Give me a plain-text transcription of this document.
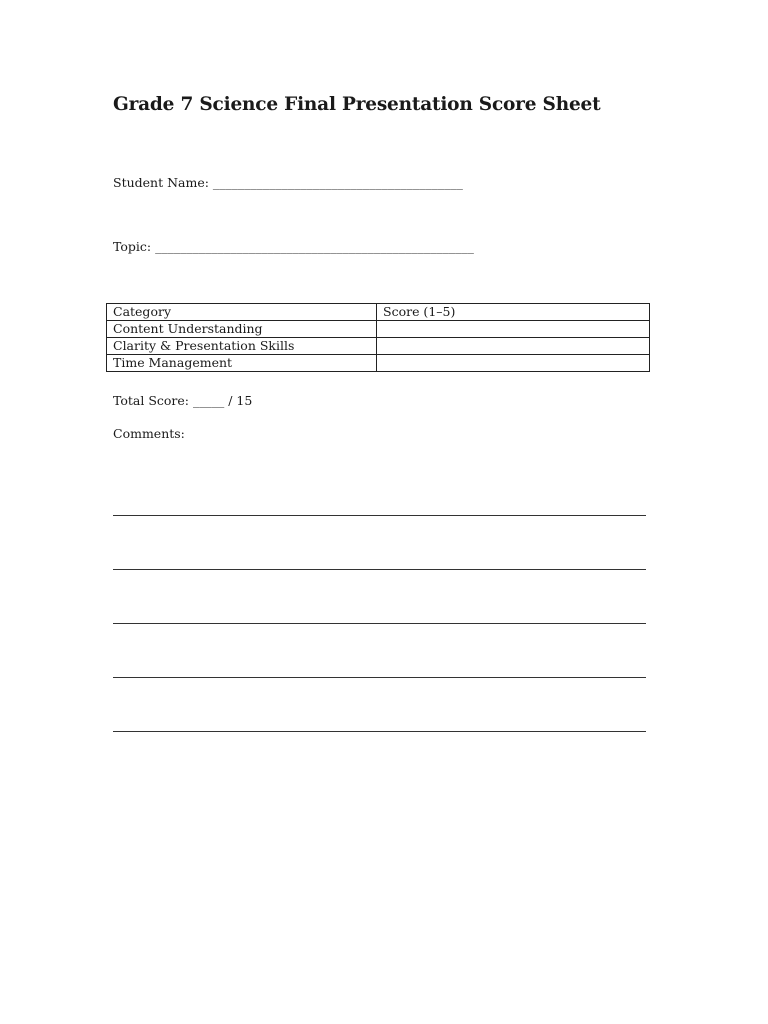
Grade 7 Science Final Presentation Score Sheet
Student Name: ________________________________________
Topic: ___________________________________________________
Category	Score (1–5)
Content Understanding	
Clarity & Presentation Skills	
Time Management	
Total Score: _____ / 15
Comments:
